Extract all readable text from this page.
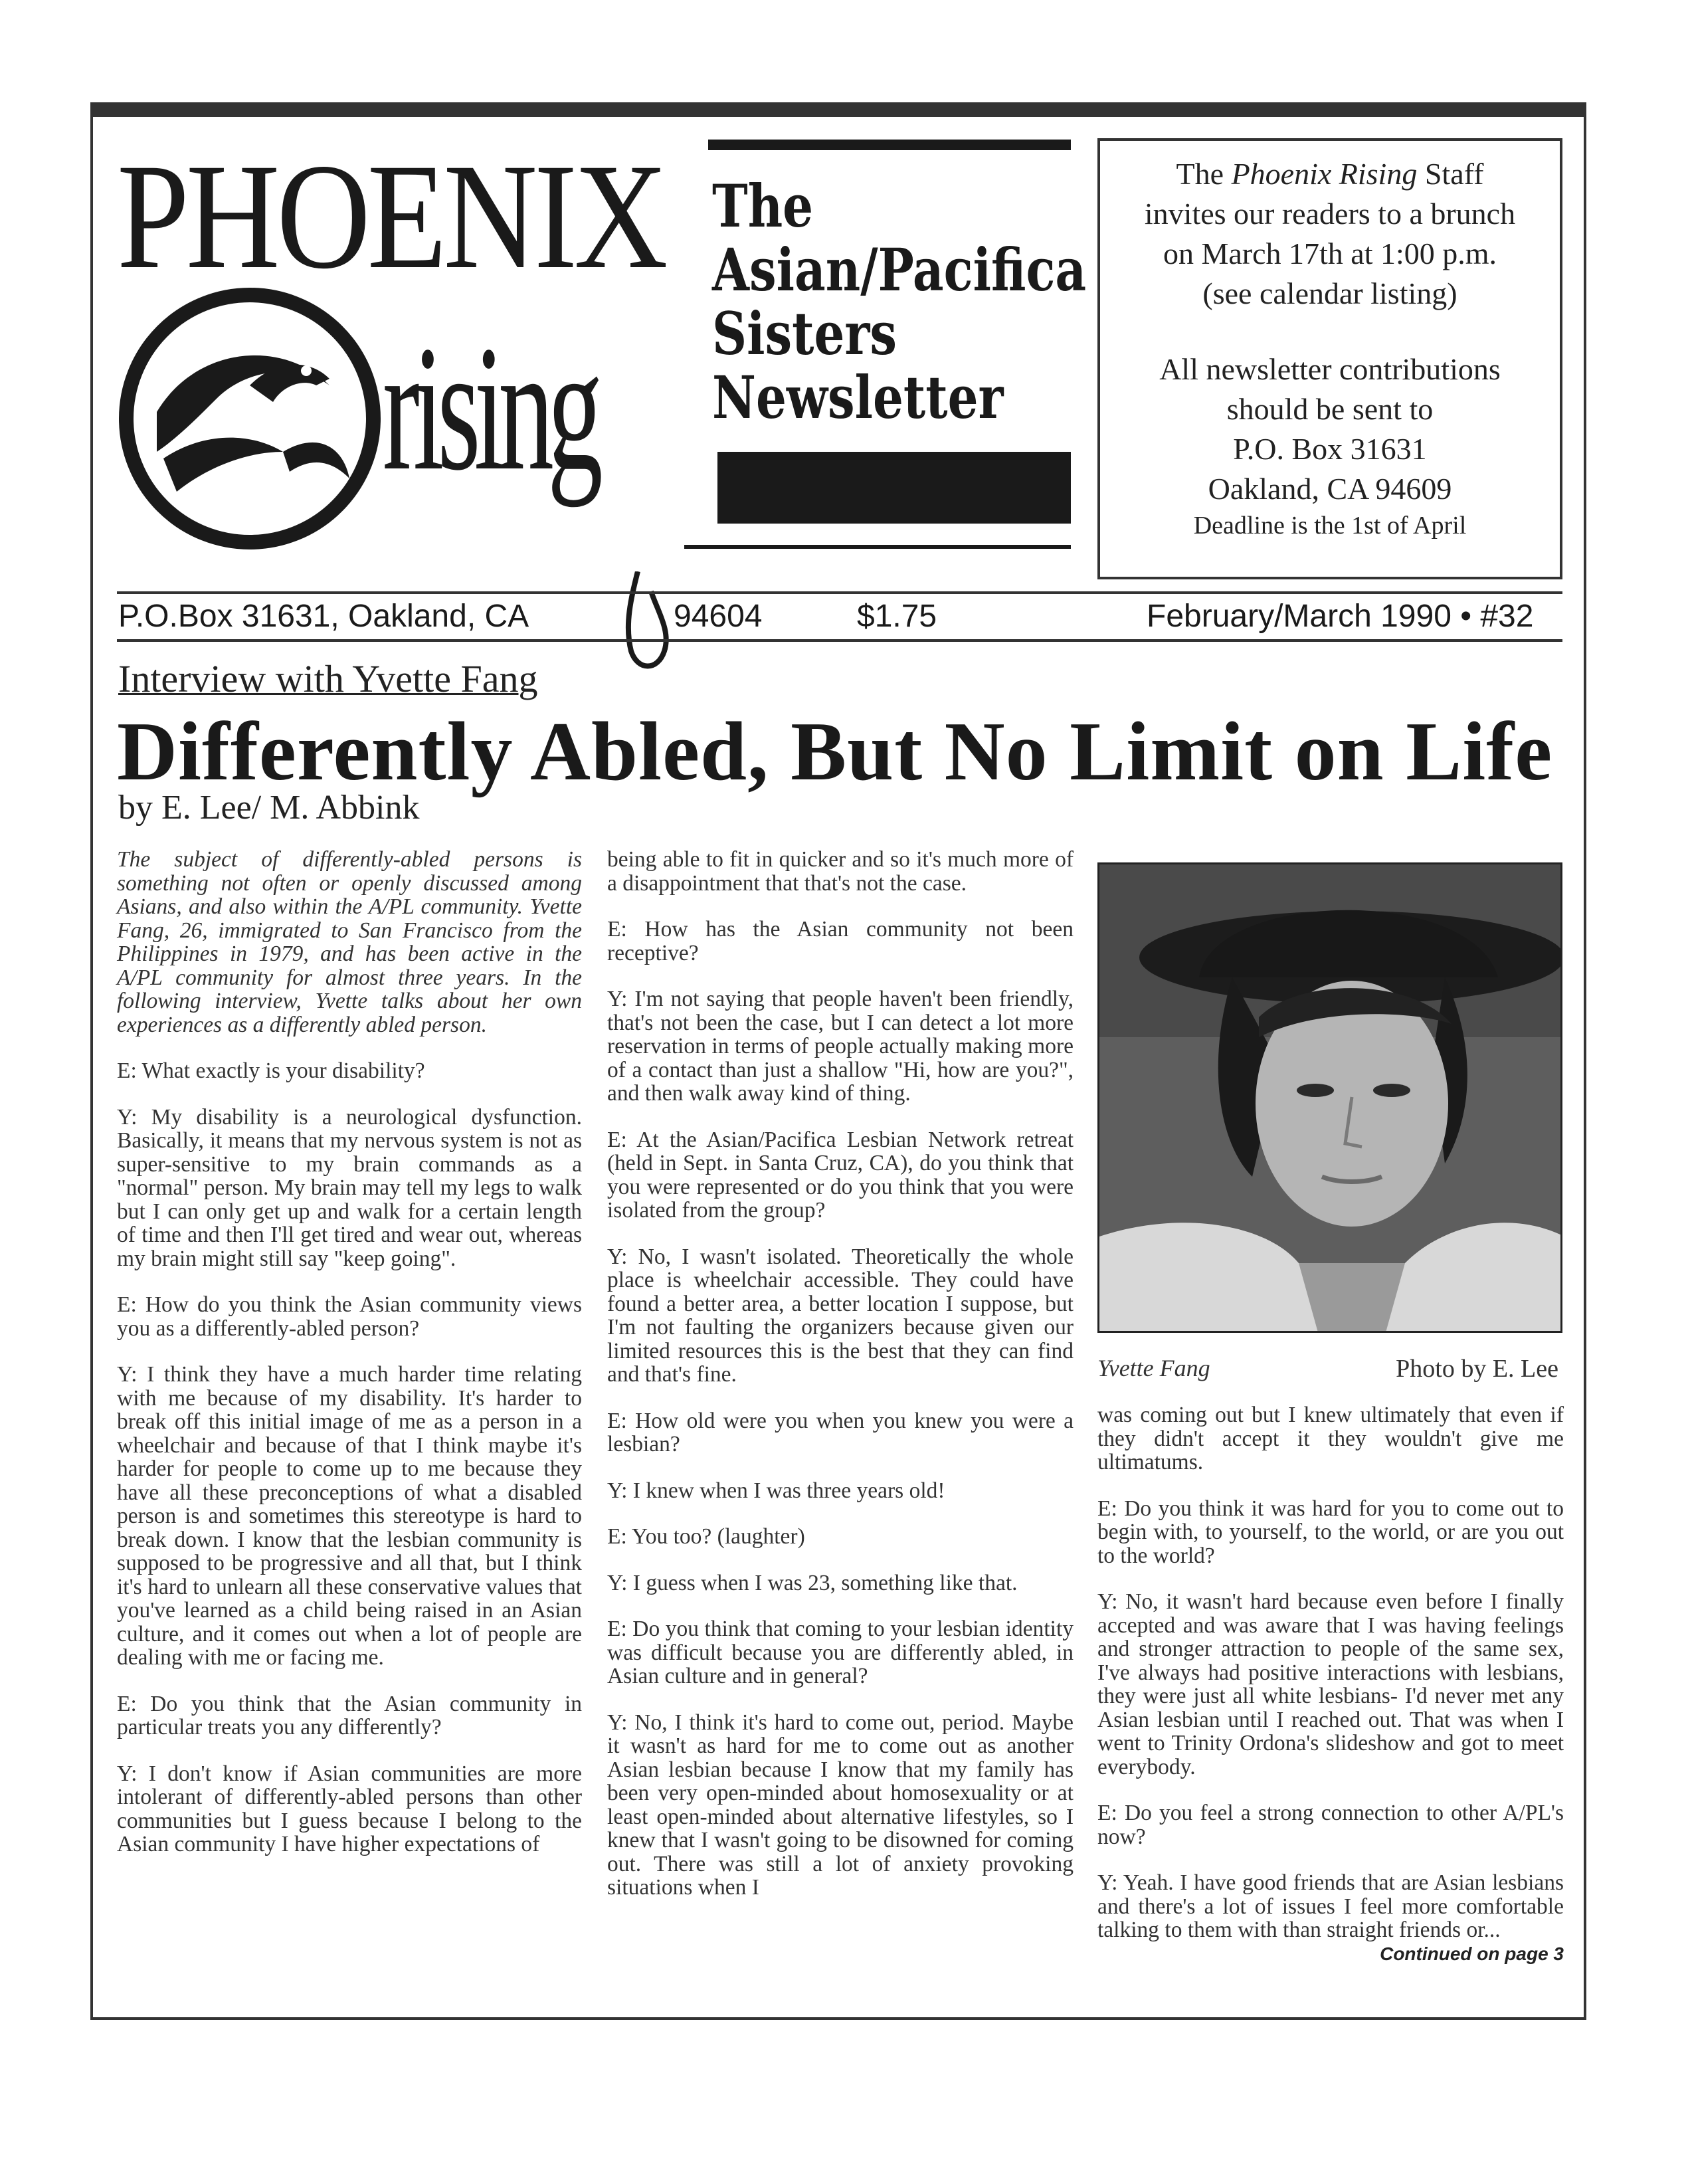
PHOENIX
rising
The
Asian/Pacifica
Sisters
Newsletter

The Phoenix Rising Staff

invites our readers to a brunch

on March 17th at 1:00 p.m.

(see calendar listing)

All newsletter contributions

should be sent to

P.O. Box 31631

Oakland, CA 94609

Deadline is the 1st of April

P.O.Box 31631, Oakland, CA	94604	$1.75	February/March 1990 • #32
Interview with Yvette Fang
Differently Abled, But No Limit on Life
by E. Lee/ M. Abbink

The subject of differently-abled persons is something not often or openly discussed among Asians, and also within the A/PL community. Yvette Fang, 26, immigrated to San Francisco from the Philippines in 1979, and has been active in the A/PL community for almost three years. In the following interview, Yvette talks about her own experiences as a differently abled person.

E: What exactly is your disability?

Y: My disability is a neurological dysfunction. Basically, it means that my nervous system is not as super-sensitive to my brain commands as a "normal" person. My brain may tell my legs to walk but I can only get up and walk for a certain length of time and then I'll get tired and wear out, whereas my brain might still say "keep going".

E: How do you think the Asian community views you as a differently-abled person?

Y: I think they have a much harder time relating with me because of my disability. It's harder to break off this initial image of me as a person in a wheelchair and because of that I think maybe it's harder for people to come up to me because they have all these preconceptions of what a disabled person is and sometimes this stereotype is hard to break down. I know that the lesbian community is supposed to be progressive and all that, but I think it's hard to unlearn all these conservative values that you've learned as a child being raised in an Asian culture, and it comes out when a lot of people are dealing with me or facing me.

E: Do you think that the Asian community in particular treats you any differently?

Y: I don't know if Asian communities are more intolerant of differently-abled persons than other communities but I guess because I belong to the Asian community I have higher expectations of

being able to fit in quicker and so it's much more of a disappointment that that's not the case.

E: How has the Asian community not been receptive?

Y: I'm not saying that people haven't been friendly, that's not been the case, but I can detect a lot more reservation in terms of people actually making more of a contact than just a shallow "Hi, how are you?", and then walk away kind of thing.

E: At the Asian/Pacifica Lesbian Network retreat (held in Sept. in Santa Cruz, CA), do you think that you were represented or do you think that you were isolated from the group?

Y: No, I wasn't isolated. Theoretically the whole place is wheelchair accessible. They could have found a better area, a better location I suppose, but I'm not faulting the organizers because given our limited resources this is the best that they can find and that's fine.

E: How old were you when you knew you were a lesbian?

Y: I knew when I was three years old!

E: You too? (laughter)

Y: I guess when I was 23, something like that.

E: Do you think that coming to your lesbian identity was difficult because you are differently abled, in Asian culture and in general?

Y: No, I think it's hard to come out, period. Maybe it wasn't as hard for me to come out as another Asian lesbian because I know that my family has been very open-minded about homosexuality or at least open-minded about alternative lifestyles, so I knew that I wasn't going to be disowned for coming out. There was still a lot of anxiety provoking situations when I

Yvette Fang	Photo by E. Lee

was coming out but I knew ultimately that even if they didn't accept it they wouldn't give me ultimatums.

E: Do you think it was hard for you to come out to begin with, to yourself, to the world, or are you out to the world?

Y: No, it wasn't hard because even before I finally accepted and was aware that I was having feelings and stronger attraction to people of the same sex, I've always had positive interactions with lesbians, they were just all white lesbians- I'd never met any Asian lesbian until I reached out. That was when I went to Trinity Ordona's slideshow and got to meet everybody.

E: Do you feel a strong connection to other A/PL's now?

Y: Yeah. I have good friends that are Asian lesbians and there's a lot of issues I feel more comfortable talking to them with than straight friends or...
Continued on page 3
